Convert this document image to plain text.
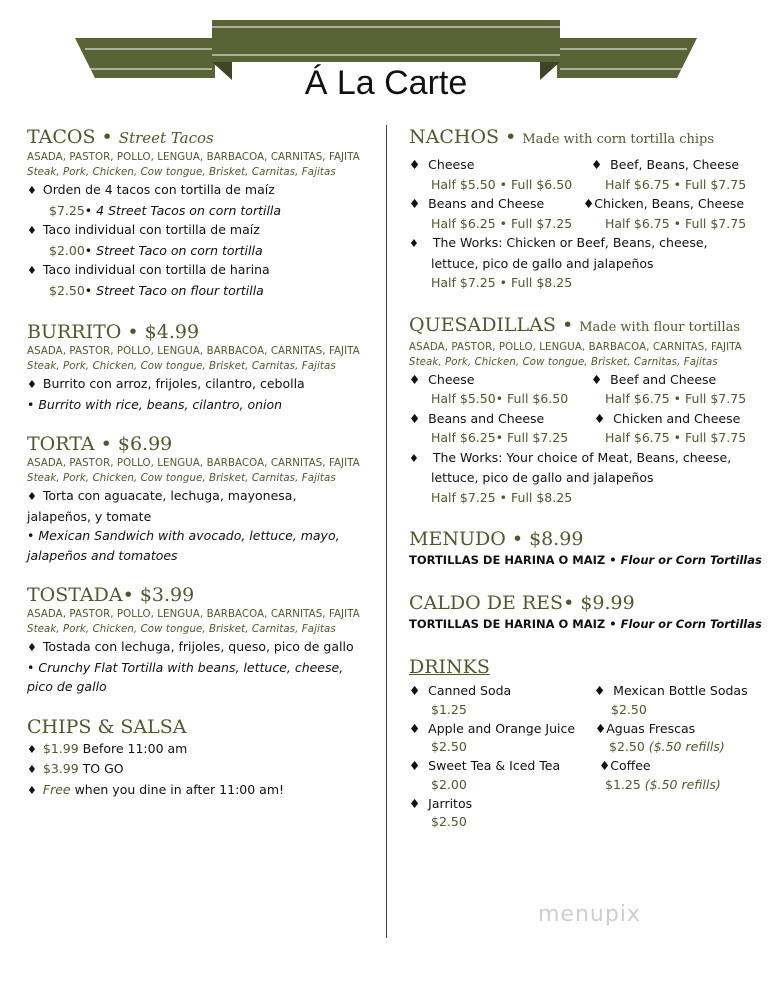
Á La Carte
TACOS • Street Tacos
ASADA, PASTOR, POLLO, LENGUA, BARBACOA, CARNITAS, FAJITA
Steak, Pork, Chicken, Cow tongue, Brisket, Carnitas, Fajitas
♦ Orden de 4 tacos con tortilla de maíz
$7.25• 4 Street Tacos on corn tortilla
♦ Taco individual con tortilla de maíz
$2.00• Street Taco on corn tortilla
♦ Taco individual con tortilla de harina
$2.50• Street Taco on flour tortilla
BURRITO • $4.99
ASADA, PASTOR, POLLO, LENGUA, BARBACOA, CARNITAS, FAJITA
Steak, Pork, Chicken, Cow tongue, Brisket, Carnitas, Fajitas
♦ Burrito con arroz, frijoles, cilantro, cebolla
• Burrito with rice, beans, cilantro, onion
TORTA • $6.99
ASADA, PASTOR, POLLO, LENGUA, BARBACOA, CARNITAS, FAJITA
Steak, Pork, Chicken, Cow tongue, Brisket, Carnitas, Fajitas
♦ Torta con aguacate, lechuga, mayonesa,
jalapeños, y tomate
• Mexican Sandwich with avocado, lettuce, mayo,
jalapeños and tomatoes
TOSTADA• $3.99
ASADA, PASTOR, POLLO, LENGUA, BARBACOA, CARNITAS, FAJITA
Steak, Pork, Chicken, Cow tongue, Brisket, Carnitas, Fajitas
♦ Tostada con lechuga, frijoles, queso, pico de gallo
• Crunchy Flat Tortilla with beans, lettuce, cheese,
pico de gallo
CHIPS & SALSA
♦ $1.99 Before 11:00 am
♦ $3.99 TO GO
♦ Free when you dine in after 11:00 am!
NACHOS • Made with corn tortilla chips
♦ Cheese	♦ Beef, Beans, Cheese
Half $5.50 • Full $6.50	Half $6.75 • Full $7.75
♦ Beans and Cheese	♦Chicken, Beans, Cheese
Half $6.25 • Full $7.25	Half $6.75 • Full $7.75
♦ The Works: Chicken or Beef, Beans, cheese,
lettuce, pico de gallo and jalapeños
Half $7.25 • Full $8.25
QUESADILLAS • Made with flour tortillas
ASADA, PASTOR, POLLO, LENGUA, BARBACOA, CARNITAS, FAJITA
Steak, Pork, Chicken, Cow tongue, Brisket, Carnitas, Fajitas
♦ Cheese	♦ Beef and Cheese
Half $5.50• Full $6.50	Half $6.75 • Full $7.75
♦ Beans and Cheese	♦ Chicken and Cheese
Half $6.25• Full $7.25	Half $6.75 • Full $7.75
♦ The Works: Your choice of Meat, Beans, cheese,
lettuce, pico de gallo and jalapeños
Half $7.25 • Full $8.25
MENUDO • $8.99
TORTILLAS DE HARINA O MAIZ • Flour or Corn Tortillas
CALDO DE RES• $9.99
TORTILLAS DE HARINA O MAIZ • Flour or Corn Tortillas
DRINKS
♦ Canned Soda	♦ Mexican Bottle Sodas
$1.25	$2.50
♦ Apple and Orange Juice ♦Aguas Frescas
$2.50	$2.50 ($.50 refills)
♦ Sweet Tea & Iced Tea	♦Coffee
$2.00	$1.25 ($.50 refills)
♦ Jarritos
$2.50
menupix
